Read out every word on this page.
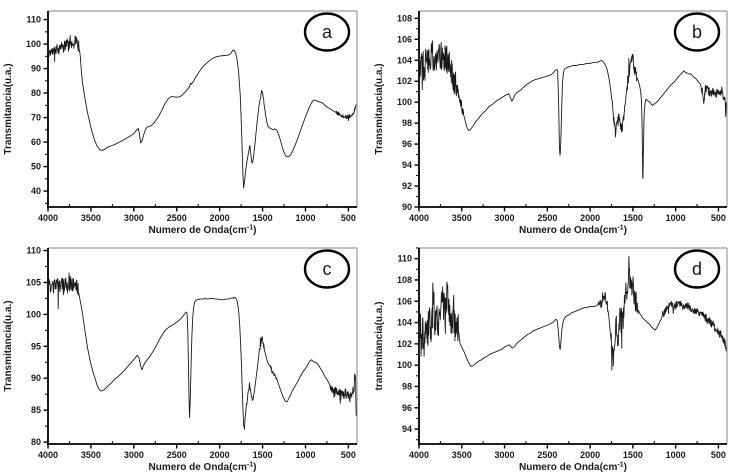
40
50
60
70
80
90
100
110
4000	3500	3000	2500	2000	1500	1000	500
Numero de $Onda(cm^{-1})$
Transmitancia(u.a.)
a
90
92
94
96
98
100
102
104
106
108
4000	3500	3000	2500	2000	1500	1000	500
Numero de $Onda(cm^{-1})$
Transmitancia(u.a.)
b
80
85
90
95
100
105
110
4000	3500	3000	2500	2000	1500	1000	500
Numero de $Onda(cm^{-1})$
Transmitancia(u.a.)
c
94
96
98
100
102
104
106
108
110
4000	3500	3000	2500	2000	1500	1000	500
Numero de $Onda(cm^{-1})$
transmitancia(u.a.)
d
